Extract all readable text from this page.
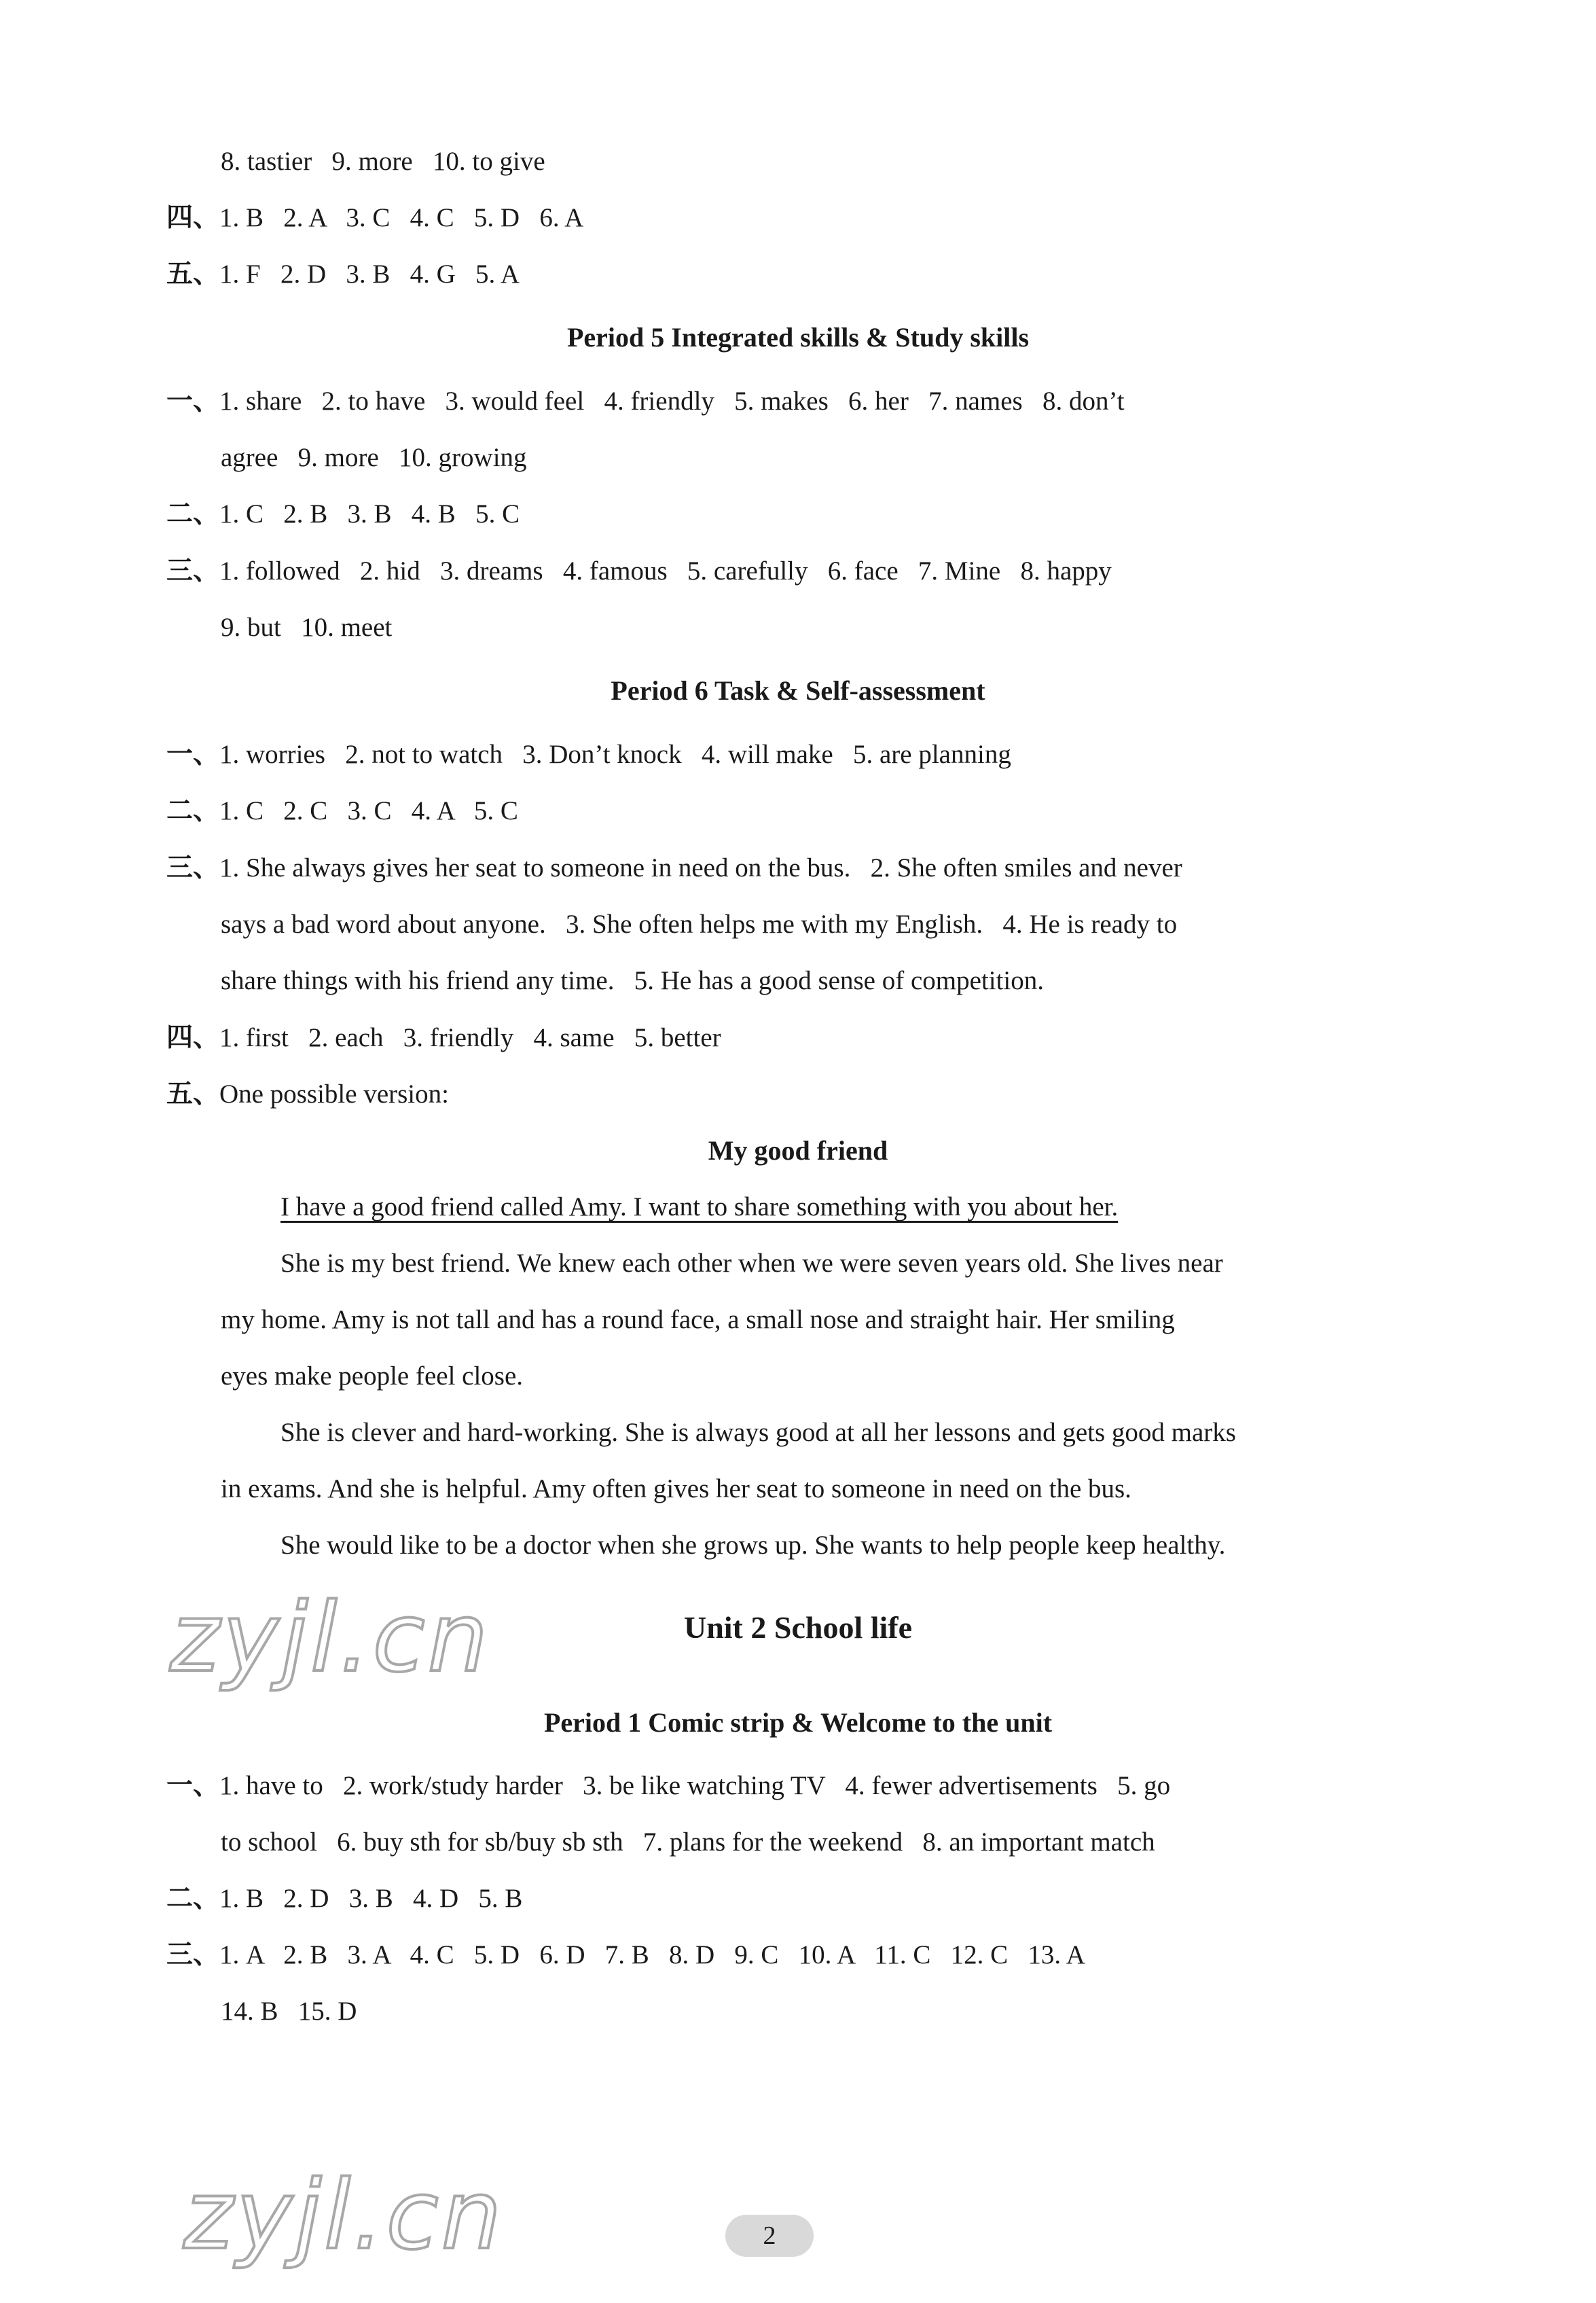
8. tastier   9. more   10. to give
四、1. B   2. A   3. C   4. C   5. D   6. A
五、1. F   2. D   3. B   4. G   5. A
Period 5 Integrated skills & Study skills
一、1. share   2. to have   3. would feel   4. friendly   5. makes   6. her   7. names   8. don’t
agree   9. more   10. growing
二、1. C   2. B   3. B   4. B   5. C
三、1. followed   2. hid   3. dreams   4. famous   5. carefully   6. face   7. Mine   8. happy
9. but   10. meet
Period 6 Task & Self-assessment
一、1. worries   2. not to watch   3. Don’t knock   4. will make   5. are planning
二、1. C   2. C   3. C   4. A   5. C
三、1. She always gives her seat to someone in need on the bus.   2. She often smiles and never
says a bad word about anyone.   3. She often helps me with my English.   4. He is ready to
share things with his friend any time.   5. He has a good sense of competition.
四、1. first   2. each   3. friendly   4. same   5. better
五、One possible version:
My good friend
I have a good friend called Amy. I want to share something with you about her.
She is my best friend. We knew each other when we were seven years old. She lives near
my home. Amy is not tall and has a round face, a small nose and straight hair. Her smiling
eyes make people feel close.
She is clever and hard-working. She is always good at all her lessons and gets good marks
in exams. And she is helpful. Amy often gives her seat to someone in need on the bus.
She would like to be a doctor when she grows up. She wants to help people keep healthy.
zyjl.cn	Unit 2 School life
Period 1 Comic strip & Welcome to the unit
一、1. have to   2. work/study harder   3. be like watching TV   4. fewer advertisements   5. go
to school   6. buy sth for sb/buy sb sth   7. plans for the weekend   8. an important match
二、1. B   2. D   3. B   4. D   5. B
三、1. A   2. B   3. A   4. C   5. D   6. D   7. B   8. D   9. C   10. A   11. C   12. C   13. A
14. B   15. D
zyjl.cn	2
